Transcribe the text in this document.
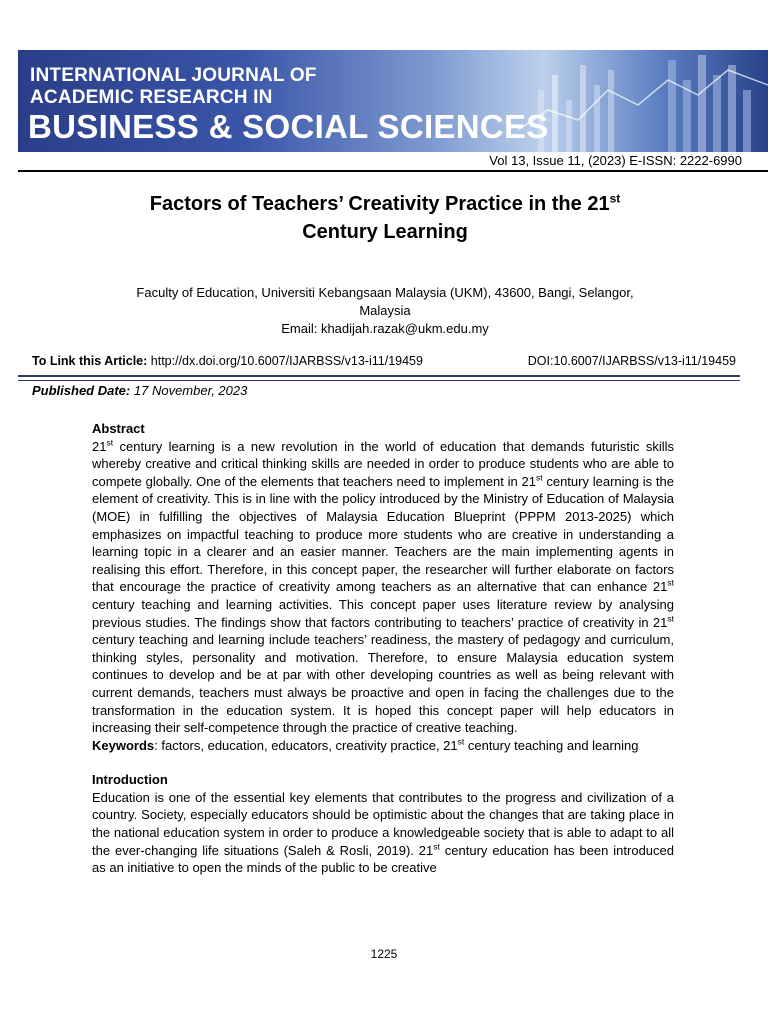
INTERNATIONAL JOURNAL OF
ACADEMIC RESEARCH IN
BUSINESS & SOCIAL SCIENCES
Vol 13, Issue 11, (2023) E-ISSN: 2222-6990
Factors of Teachers’ Creativity Practice in the 21st
Century Learning
Faculty of Education, Universiti Kebangsaan Malaysia (UKM), 43600, Bangi, Selangor,
Malaysia
Email: khadijah.razak@ukm.edu.my
To Link this Article: http://dx.doi.org/10.6007/IJARBSS/v13-i11/19459	DOI:10.6007/IJARBSS/v13-i11/19459
Published Date: 17 November, 2023

Abstract

21st century learning is a new revolution in the world of education that demands futuristic skills whereby creative and critical thinking skills are needed in order to produce students who are able to compete globally. One of the elements that teachers need to implement in 21st century learning is the element of creativity. This is in line with the policy introduced by the Ministry of Education of Malaysia (MOE) in fulfilling the objectives of Malaysia Education Blueprint (PPPM 2013-2025) which emphasizes on impactful teaching to produce more students who are creative in understanding a learning topic in a clearer and an easier manner. Teachers are the main implementing agents in realising this effort. Therefore, in this concept paper, the researcher will further elaborate on factors that encourage the practice of creativity among teachers as an alternative that can enhance 21st century teaching and learning activities. This concept paper uses literature review by analysing previous studies. The findings show that factors contributing to teachers’ practice of creativity in 21st century teaching and learning include teachers’ readiness, the mastery of pedagogy and curriculum, thinking styles, personality and motivation. Therefore, to ensure Malaysia education system continues to develop and be at par with other developing countries as well as being relevant with current demands, teachers must always be proactive and open in facing the challenges due to the transformation in the education system. It is hoped this concept paper will help educators in increasing their self-competence through the practice of creative teaching.

Keywords: factors, education, educators, creativity practice, 21st century teaching and learning

Introduction

Education is one of the essential key elements that contributes to the progress and civilization of a country. Society, especially educators should be optimistic about the changes that are taking place in the national education system in order to produce a knowledgeable society that is able to adapt to all the ever-changing life situations (Saleh & Rosli, 2019). 21st century education has been introduced as an initiative to open the minds of the public to be creative

1225
